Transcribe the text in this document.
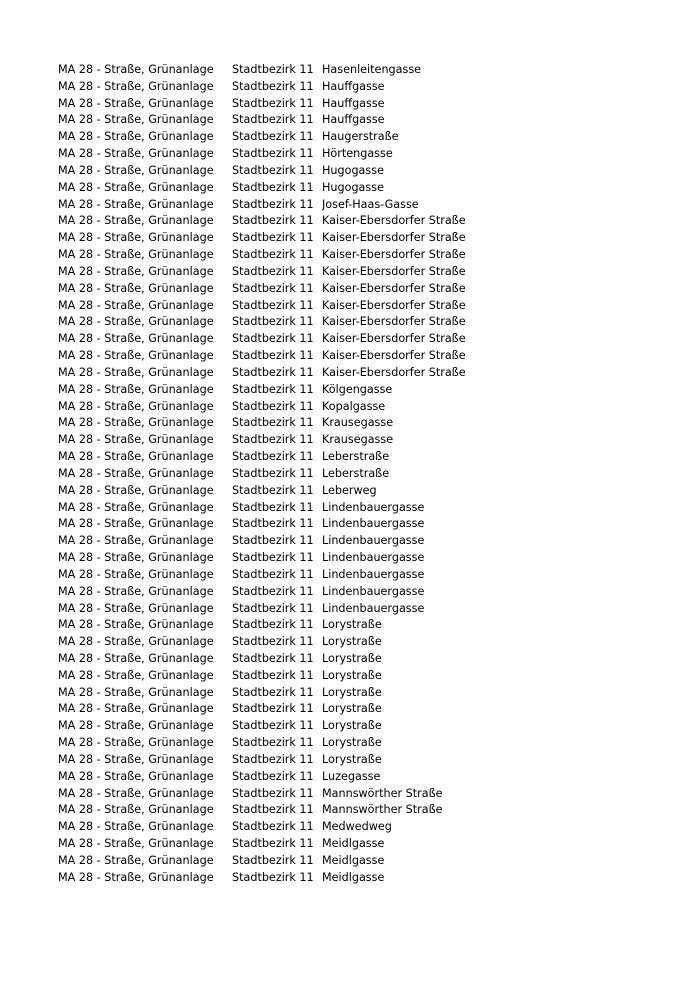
MA 28 - Straße, Grünanlage	Stadtbezirk 11 Hasenleitengasse
MA 28 - Straße, Grünanlage	Stadtbezirk 11 Hauffgasse
MA 28 - Straße, Grünanlage	Stadtbezirk 11 Hauffgasse
MA 28 - Straße, Grünanlage	Stadtbezirk 11 Hauffgasse
MA 28 - Straße, Grünanlage	Stadtbezirk 11 Haugerstraße
MA 28 - Straße, Grünanlage	Stadtbezirk 11 Hörtengasse
MA 28 - Straße, Grünanlage	Stadtbezirk 11 Hugogasse
MA 28 - Straße, Grünanlage	Stadtbezirk 11 Hugogasse
MA 28 - Straße, Grünanlage	Stadtbezirk 11 Josef-Haas-Gasse
MA 28 - Straße, Grünanlage	Stadtbezirk 11 Kaiser-Ebersdorfer Straße
MA 28 - Straße, Grünanlage	Stadtbezirk 11 Kaiser-Ebersdorfer Straße
MA 28 - Straße, Grünanlage	Stadtbezirk 11 Kaiser-Ebersdorfer Straße
MA 28 - Straße, Grünanlage	Stadtbezirk 11 Kaiser-Ebersdorfer Straße
MA 28 - Straße, Grünanlage	Stadtbezirk 11 Kaiser-Ebersdorfer Straße
MA 28 - Straße, Grünanlage	Stadtbezirk 11 Kaiser-Ebersdorfer Straße
MA 28 - Straße, Grünanlage	Stadtbezirk 11 Kaiser-Ebersdorfer Straße
MA 28 - Straße, Grünanlage	Stadtbezirk 11 Kaiser-Ebersdorfer Straße
MA 28 - Straße, Grünanlage	Stadtbezirk 11 Kaiser-Ebersdorfer Straße
MA 28 - Straße, Grünanlage	Stadtbezirk 11 Kaiser-Ebersdorfer Straße
MA 28 - Straße, Grünanlage	Stadtbezirk 11 Kölgengasse
MA 28 - Straße, Grünanlage	Stadtbezirk 11 Kopalgasse
MA 28 - Straße, Grünanlage	Stadtbezirk 11 Krausegasse
MA 28 - Straße, Grünanlage	Stadtbezirk 11 Krausegasse
MA 28 - Straße, Grünanlage	Stadtbezirk 11 Leberstraße
MA 28 - Straße, Grünanlage	Stadtbezirk 11 Leberstraße
MA 28 - Straße, Grünanlage	Stadtbezirk 11 Leberweg
MA 28 - Straße, Grünanlage	Stadtbezirk 11 Lindenbauergasse
MA 28 - Straße, Grünanlage	Stadtbezirk 11 Lindenbauergasse
MA 28 - Straße, Grünanlage	Stadtbezirk 11 Lindenbauergasse
MA 28 - Straße, Grünanlage	Stadtbezirk 11 Lindenbauergasse
MA 28 - Straße, Grünanlage	Stadtbezirk 11 Lindenbauergasse
MA 28 - Straße, Grünanlage	Stadtbezirk 11 Lindenbauergasse
MA 28 - Straße, Grünanlage	Stadtbezirk 11 Lindenbauergasse
MA 28 - Straße, Grünanlage	Stadtbezirk 11 Lorystraße
MA 28 - Straße, Grünanlage	Stadtbezirk 11 Lorystraße
MA 28 - Straße, Grünanlage	Stadtbezirk 11 Lorystraße
MA 28 - Straße, Grünanlage	Stadtbezirk 11 Lorystraße
MA 28 - Straße, Grünanlage	Stadtbezirk 11 Lorystraße
MA 28 - Straße, Grünanlage	Stadtbezirk 11 Lorystraße
MA 28 - Straße, Grünanlage	Stadtbezirk 11 Lorystraße
MA 28 - Straße, Grünanlage	Stadtbezirk 11 Lorystraße
MA 28 - Straße, Grünanlage	Stadtbezirk 11 Lorystraße
MA 28 - Straße, Grünanlage	Stadtbezirk 11 Luzegasse
MA 28 - Straße, Grünanlage	Stadtbezirk 11 Mannswörther Straße
MA 28 - Straße, Grünanlage	Stadtbezirk 11 Mannswörther Straße
MA 28 - Straße, Grünanlage	Stadtbezirk 11 Medwedweg
MA 28 - Straße, Grünanlage	Stadtbezirk 11 Meidlgasse
MA 28 - Straße, Grünanlage	Stadtbezirk 11 Meidlgasse
MA 28 - Straße, Grünanlage	Stadtbezirk 11 Meidlgasse
